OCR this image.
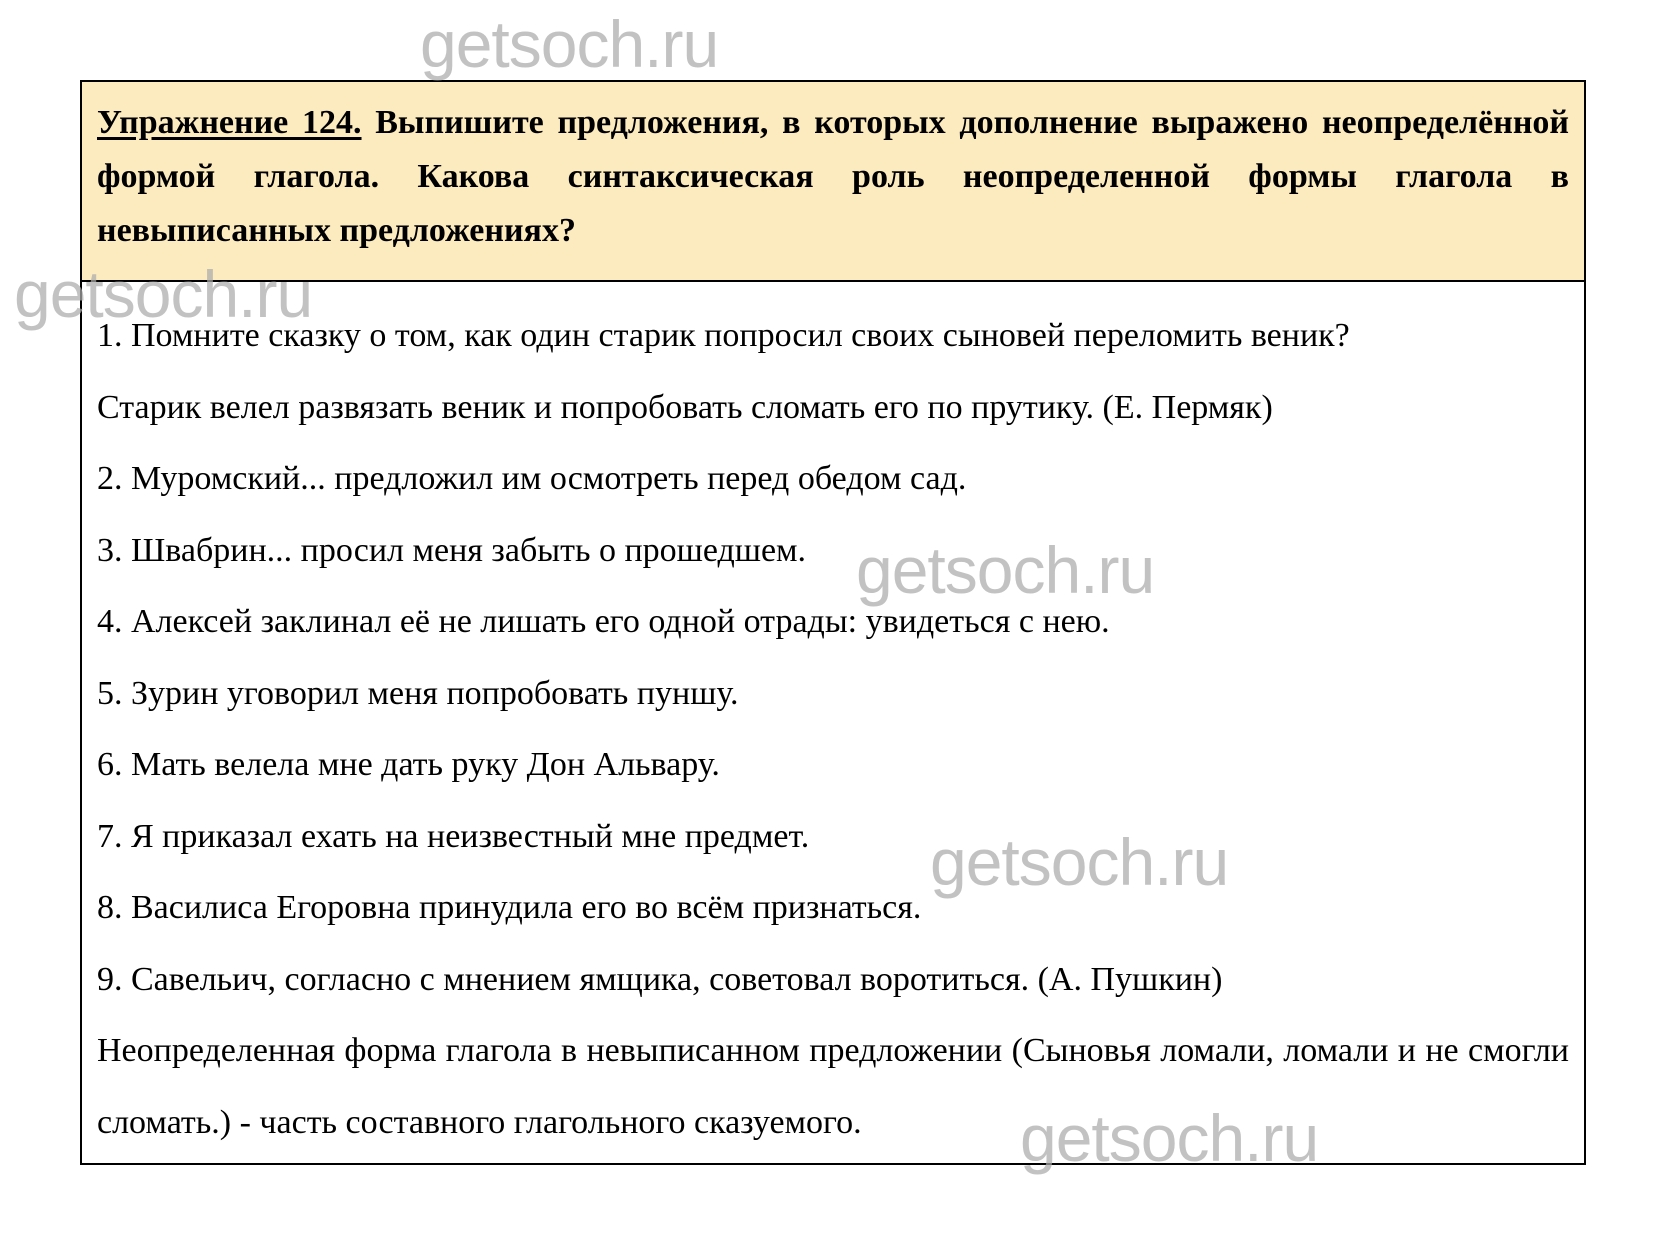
Упражнение 124. Выпишите предложения, в которых дополнение выражено неопределённой формой глагола. Какова синтаксическая роль неопределенной формы глагола в невыписанных предложениях?

1. Помните сказку о том, как один старик попросил своих сыновей переломить веник?

Старик велел развязать веник и попробовать сломать его по прутику. (Е. Пермяк)

2. Муромский... предложил им осмотреть перед обедом сад.

3. Швабрин... просил меня забыть о прошедшем.

4. Алексей заклинал её не лишать его одной отрады: увидеться с нею.

5. Зурин уговорил меня попробовать пуншу.

6. Мать велела мне дать руку Дон Альвару.

7. Я приказал ехать на неизвестный мне предмет.

8. Василиса Егоровна принудила его во всём признаться.

9. Савельич, согласно с мнением ямщика, советовал воротиться. (А. Пушкин)

Неопределенная форма глагола в невыписанном предложении (Сыновья ломали, ломали и не смогли сломать.) - часть составного глагольного сказуемого.

getsoch.ru
getsoch.ru
getsoch.ru
getsoch.ru
getsoch.ru
